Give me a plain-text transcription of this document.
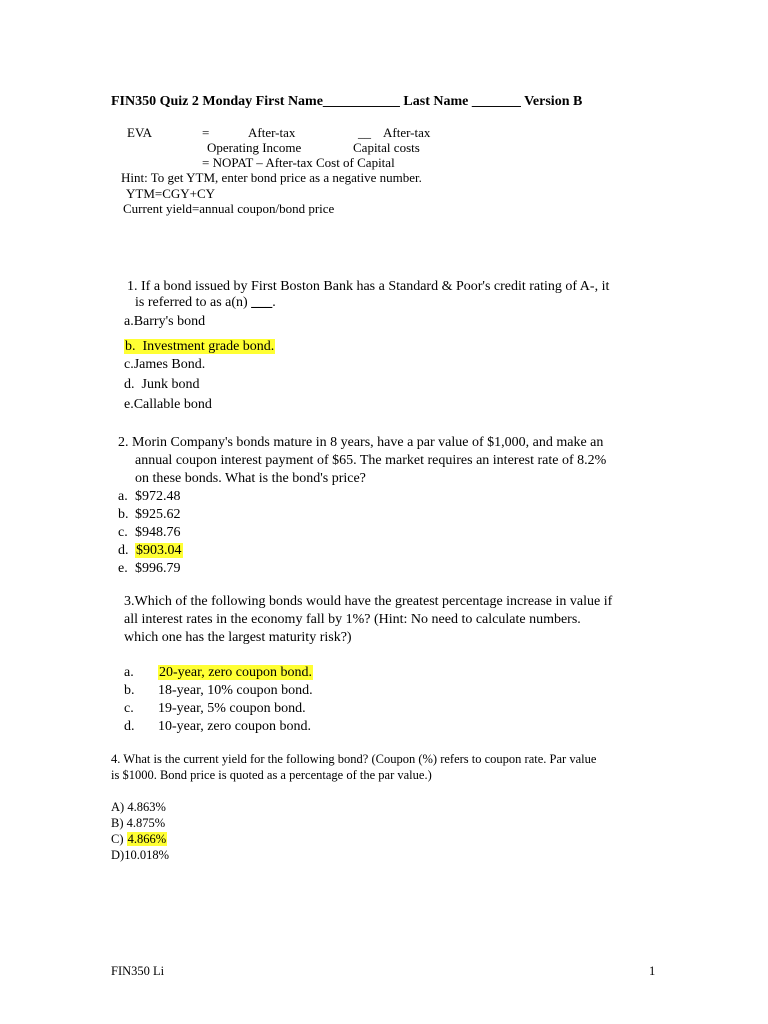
FIN350 Quiz 2 Monday First Name___________ Last Name _______ Version B
EVA	=	After-tax	__ After-tax
Operating Income	Capital costs
= NOPAT – After-tax Cost of Capital
Hint: To get YTM, enter bond price as a negative number.
YTM=CGY+CY
Current yield=annual coupon/bond price
1. If a bond issued by First Boston Bank has a Standard & Poor's credit rating of A-, it
is referred to as a(n) ___.
a.Barry's bond
b. Investment grade bond.
c.James Bond.
d. Junk bond
e.Callable bond
2. Morin Company's bonds mature in 8 years, have a par value of $1,000, and make an
annual coupon interest payment of $65. The market requires an interest rate of 8.2%
on these bonds. What is the bond's price?
a. $972.48
b. $925.62
c. $948.76
d. $903.04
e. $996.79
3.Which of the following bonds would have the greatest percentage increase in value if
all interest rates in the economy fall by 1%? (Hint: No need to calculate numbers.
which one has the largest maturity risk?)
a. 20-year, zero coupon bond.
b. 18-year, 10% coupon bond.
c. 19-year, 5% coupon bond.
d. 10-year, zero coupon bond.
4. What is the current yield for the following bond? (Coupon (%) refers to coupon rate. Par value
is $1000. Bond price is quoted as a percentage of the par value.)
A) 4.863%
B) 4.875%
C) 4.866%
D)10.018%
FIN350 Li	1
